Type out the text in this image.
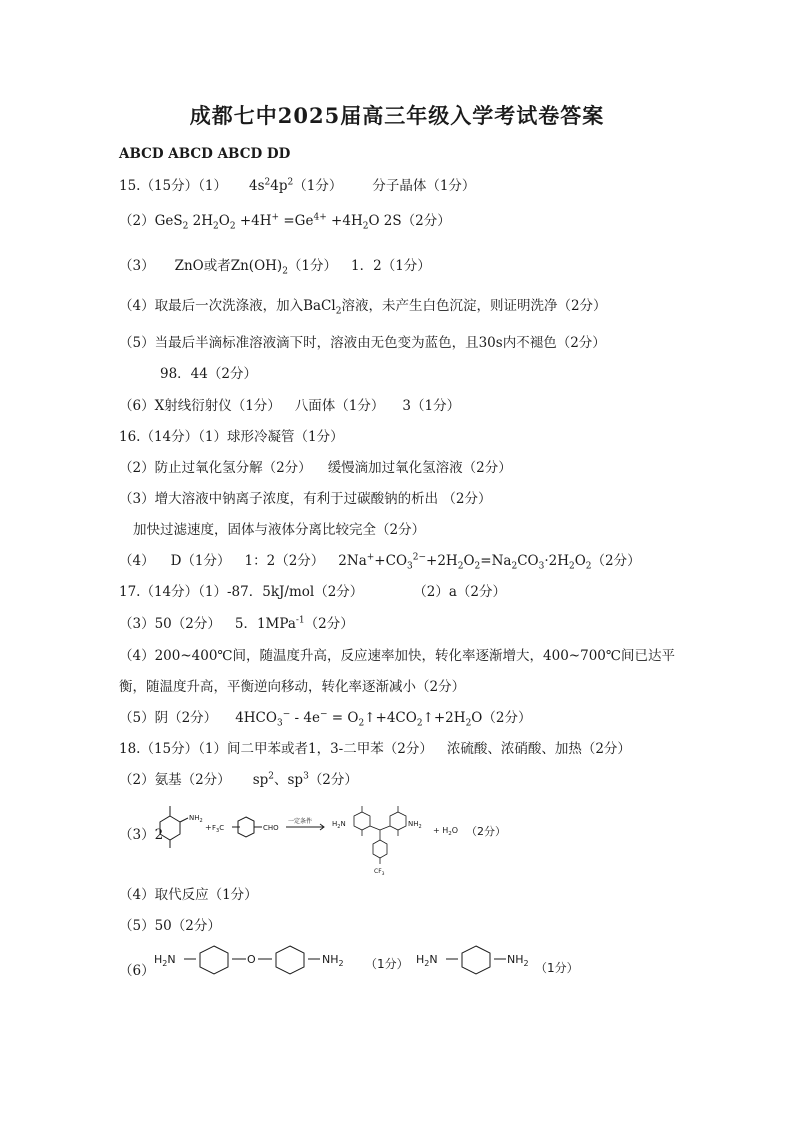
成都七中2025届高三年级入学考试卷答案
ABCD ABCD ABCD DD
15.（15分）（1） $4s^24p^2(1$分） 分子晶体（1分）
（2）GeS$_2$ $2H_2O_2 +4H^+ =Ge^{4+} +4H_2O$ 2S（2分）
（3） ZnO或者$Zn(OH)_2(1$分） 1．2（1分）
（4）取最后一次洗涤液，加入BaCl$_2$溶液，未产生白色沉淀，则证明洗净（2分）
（5）当最后半滴标准溶液滴下时，溶液由无色变为蓝色，且30s内不褪色（2分）
98．44（2分）
（6）X射线衍射仪（1分） 八面体（1分） 3（1分）
16.（14分）（1）球形冷凝管（1分）
（2）防止过氧化氢分解（2分） 缓慢滴加过氧化氢溶液（2分）
（3）增大溶液中钠离子浓度，有利于过碳酸钠的析出 （2分）
加快过滤速度，固体与液体分离比较完全（2分）
（4） D（1分） 1：2（2分） $2Na^++CO_3^{2-}+2H_2O_2=Na_2CO_3\cdot 2H_2O_2(2$分）
17.（14分）（1）-87．5kJ/mol（2分）	（2）a（2分）
（3）50（2分） 5．1MPa$^{-1}$（2分）
（4）200~400℃间，随温度升高，反应速率加快，转化率逐渐增大，400~700℃间已达平
衡，随温度升高，平衡逆向移动，转化率逐渐减小（2分）
（5）阴（2分） $4HCO_3^- - 4e^-$ = $O_2↑+4CO_2↑+2H_2O(2$分）
18.（15分）（1）间二甲苯或者1，3-二甲苯（2分） 浓硫酸、浓硝酸、加热（2分）
（2）氨基（2分） $sp^2$、$sp^3(2$分）
（3）2
$NH_2$
+ $F_3C$	CHO
一定条件	$H_2N$	$NH_2$
$CF_3$
+ $H_2O$ （2分）
（4）取代反应（1分）
（5）50（2分）
（6）
$H_2N$	O	$NH_2$ （1分） $H_2N$	$NH_2$ （1分）
